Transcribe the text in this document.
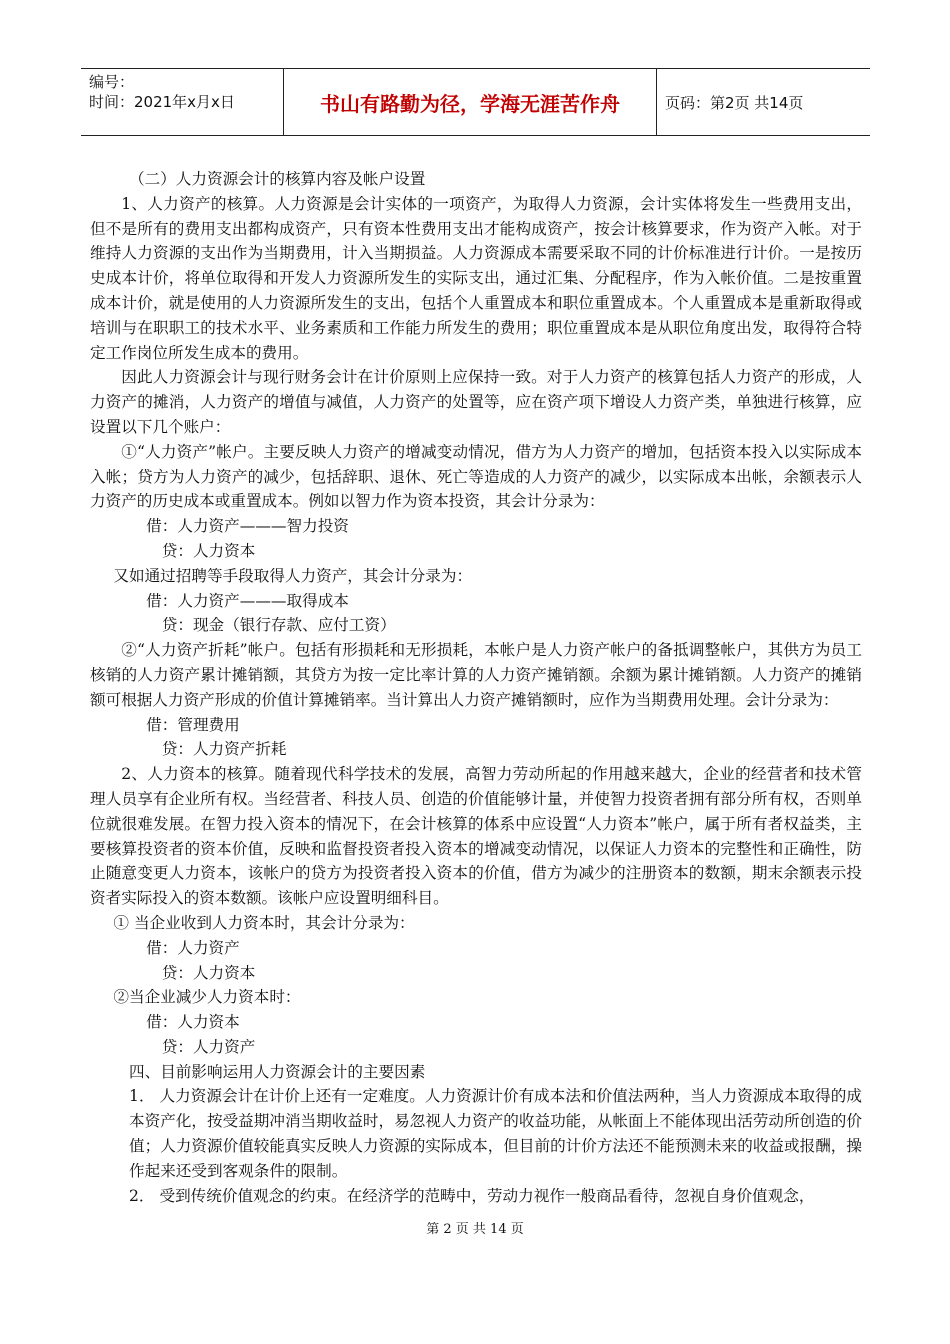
编号：
时间：2021年x月x日	书山有路勤为径，学海无涯苦作舟	页码：第2页 共14页

（二）人力资源会计的核算内容及帐户设置

1、人力资产的核算。人力资源是会计实体的一项资产，为取得人力资源，会计实体将发生一些费用支出，但不是所有的费用支出都构成资产，只有资本性费用支出才能构成资产，按会计核算要求，作为资产入帐。对于维持人力资源的支出作为当期费用，计入当期损益。人力资源成本需要采取不同的计价标准进行计价。一是按历史成本计价，将单位取得和开发人力资源所发生的实际支出，通过汇集、分配程序，作为入帐价值。二是按重置成本计价，就是使用的人力资源所发生的支出，包括个人重置成本和职位重置成本。个人重置成本是重新取得或培训与在职职工的技术水平、业务素质和工作能力所发生的费用；职位重置成本是从职位角度出发，取得符合特定工作岗位所发生成本的费用。

因此人力资源会计与现行财务会计在计价原则上应保持一致。对于人力资产的核算包括人力资产的形成，人力资产的摊消，人力资产的增值与减值，人力资产的处置等，应在资产项下增设人力资产类，单独进行核算，应设置以下几个账户：

①“人力资产”帐户。主要反映人力资产的增减变动情况，借方为人力资产的增加，包括资本投入以实际成本入帐；贷方为人力资产的减少，包括辞职、退休、死亡等造成的人力资产的减少，以实际成本出帐，余额表示人力资产的历史成本或重置成本。例如以智力作为资本投资，其会计分录为：

借：人力资产———智力投资

贷：人力资本

又如通过招聘等手段取得人力资产，其会计分录为：

借：人力资产———取得成本

贷：现金（银行存款、应付工资）

②“人力资产折耗”帐户。包括有形损耗和无形损耗，本帐户是人力资产帐户的备抵调整帐户，其供方为员工核销的人力资产累计摊销额，其贷方为按一定比率计算的人力资产摊销额。余额为累计摊销额。人力资产的摊销额可根据人力资产形成的价值计算摊销率。当计算出人力资产摊销额时，应作为当期费用处理。会计分录为：

借：管理费用

贷：人力资产折耗

2、人力资本的核算。随着现代科学技术的发展，高智力劳动所起的作用越来越大，企业的经营者和技术管理人员享有企业所有权。当经营者、科技人员、创造的价值能够计量，并使智力投资者拥有部分所有权，否则单位就很难发展。在智力投入资本的情况下，在会计核算的体系中应设置“人力资本”帐户，属于所有者权益类，主要核算投资者的资本价值，反映和监督投资者投入资本的增减变动情况，以保证人力资本的完整性和正确性，防止随意变更人力资本，该帐户的贷方为投资者投入资本的价值，借方为减少的注册资本的数额，期末余额表示投资者实际投入的资本数额。该帐户应设置明细科目。

① 当企业收到人力资本时，其会计分录为：

借：人力资产

贷：人力资本

②当企业减少人力资本时：

借：人力资本

贷：人力资产

四、目前影响运用人力资源会计的主要因素

1． 人力资源会计在计价上还有一定难度。人力资源计价有成本法和价值法两种，当人力资源成本取得的成本资产化，按受益期冲消当期收益时，易忽视人力资产的收益功能，从帐面上不能体现出活劳动所创造的价值；人力资源价值较能真实反映人力资源的实际成本，但目前的计价方法还不能预测未来的收益或报酬，操作起来还受到客观条件的限制。

2． 受到传统价值观念的约束。在经济学的范畴中，劳动力视作一般商品看待，忽视自身价值观念，

第 2 页 共 14 页
